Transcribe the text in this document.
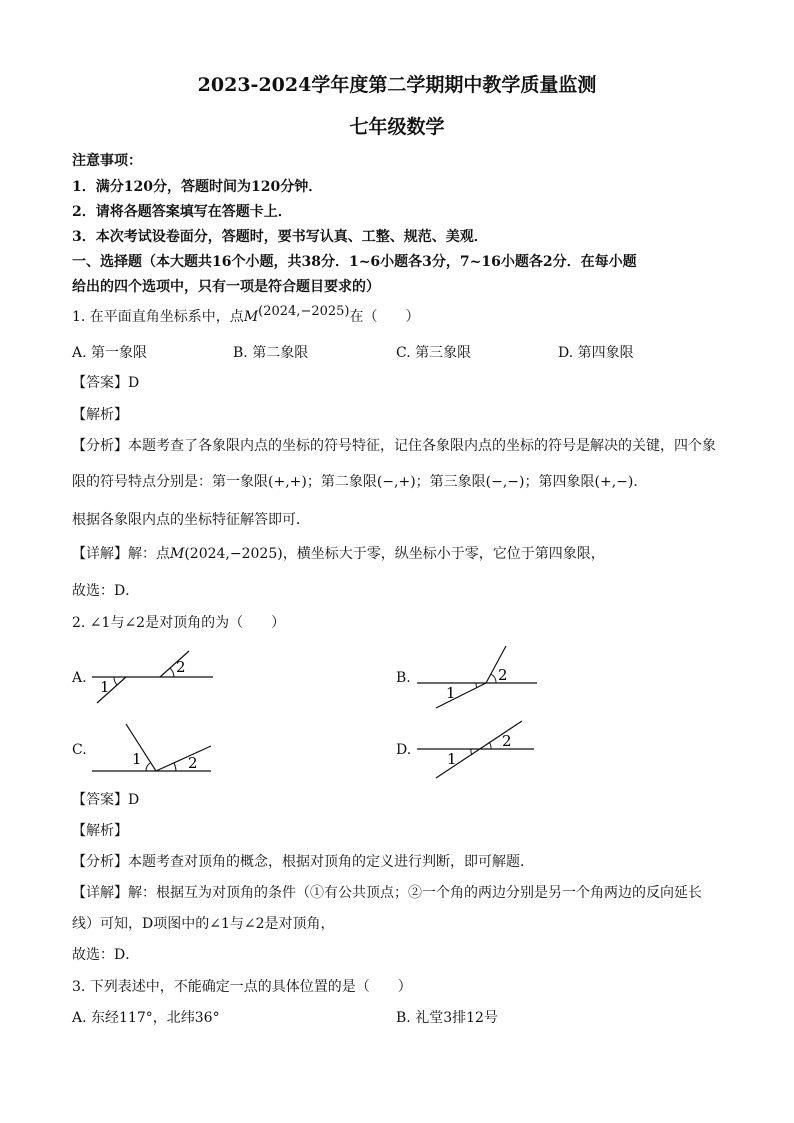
2023-2024学年度第二学期期中教学质量监测
七年级数学
注意事项：
1．满分120分，答题时间为120分钟．
2．请将各题答案填写在答题卡上．
3．本次考试设卷面分，答题时，要书写认真、工整、规范、美观．
一、选择题（本大题共16个小题，共38分．1~6小题各3分，7~16小题各2分．在每小题
给出的四个选项中，只有一项是符合题目要求的）
1. 在平面直角坐标系中，点M(2024,−2025)在（　　）
A. 第一象限	B. 第二象限	C. 第三象限	D. 第四象限
【答案】D
【解析】
【分析】本题考查了各象限内点的坐标的符号特征，记住各象限内点的坐标的符号是解决的关键，四个象
限的符号特点分别是：第一象限(+,+)；第二象限(−,+)；第三象限(−,−)；第四象限(+,−)．
根据各象限内点的坐标特征解答即可．
【详解】解：点M(2024,−2025)，横坐标大于零，纵坐标小于零，它位于第四象限，
故选：D．
2. ∠1与∠2是对顶角的为（　　）
A.	B.
C.	D.
1
2
1
2
1	2	1
2
【答案】D
【解析】
【分析】本题考查对顶角的概念，根据对顶角的定义进行判断，即可解题．
【详解】解：根据互为对顶角的条件（①有公共顶点；②一个角的两边分别是另一个角两边的反向延长
线）可知，D项图中的∠1与∠2是对顶角，
故选：D．
3. 下列表述中，不能确定一点的具体位置的是（　　）
A. 东经117°，北纬36°	B. 礼堂3排12号
